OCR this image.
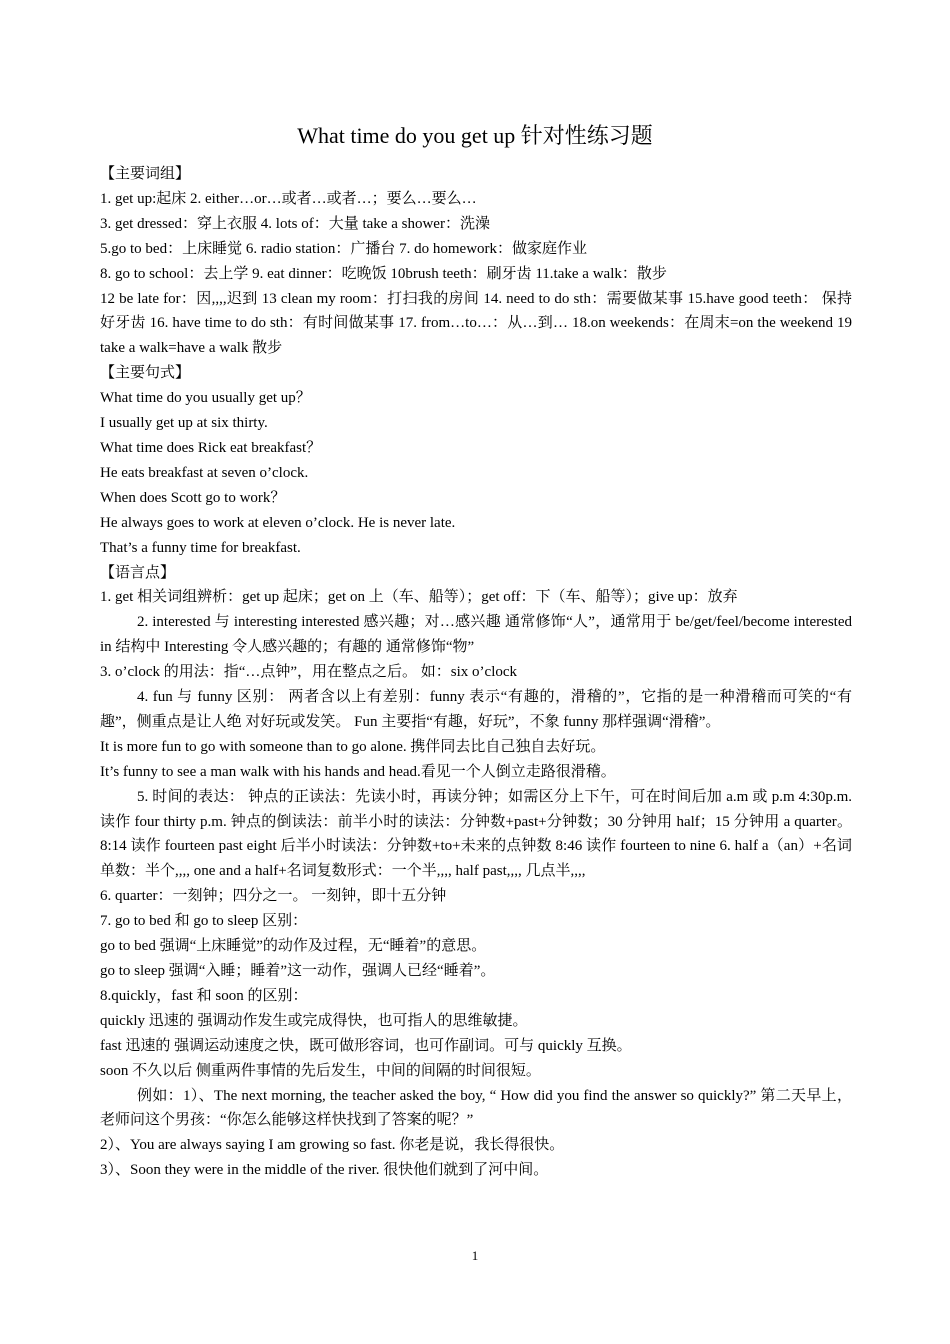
What time do you get up 针对性练习题

【主要词组】

1. get up:起床 2. either…or…或者…或者…；要么…要么…

3. get dressed：穿上衣服 4. lots of：大量 take a shower：洗澡

5.go to bed：上床睡觉 6. radio station：广播台 7. do homework：做家庭作业

8. go to school：去上学 9. eat dinner：吃晚饭 10brush teeth：刷牙齿 11.take a walk：散步

12 be late for：因,,,,迟到 13 clean my room：打扫我的房间 14. need to do sth：需要做某事 15.have good teeth： 保持好牙齿 16. have time to do sth：有时间做某事 17. from…to…：从…到… 18.on weekends：在周末=on the weekend 19 take a walk=have a walk 散步

【主要句式】

What time do you usually get up？

I usually get up at six thirty.

What time does Rick eat breakfast？

He eats breakfast at seven o’clock.

When does Scott go to work？

He always goes to work at eleven o’clock. He is never late.

That’s a funny time for breakfast.

【语言点】

1. get 相关词组辨析：get up 起床；get on 上（车、船等）；get off：下（车、船等）；give up：放弃

2. interested 与 interesting interested 感兴趣；对…感兴趣 通常修饰“人”，通常用于 be/get/feel/become interested in 结构中 Interesting 令人感兴趣的；有趣的 通常修饰“物”

3. o’clock 的用法：指“…点钟”，用在整点之后。 如：six o’clock

4. fun 与 funny 区别： 两者含以上有差别：funny 表示“有趣的，滑稽的”，它指的是一种滑稽而可笑的“有趣”，侧重点是让人绝 对好玩或发笑。 Fun 主要指“有趣，好玩”，不象 funny 那样强调“滑稽”。

It is more fun to go with someone than to go alone. 携伴同去比自己独自去好玩。

It’s funny to see a man walk with his hands and head.看见一个人倒立走路很滑稽。

5. 时间的表达： 钟点的正读法：先读小时，再读分钟；如需区分上下午，可在时间后加 a.m 或 p.m 4:30p.m. 读作 four thirty p.m. 钟点的倒读法：前半小时的读法：分钟数+past+分钟数；30 分钟用 half；15 分钟用 a quarter。 8:14 读作 fourteen past eight 后半小时读法：分钟数+to+未来的点钟数 8:46 读作 fourteen to nine 6. half a（an）+名词单数：半个,,,, one and a half+名词复数形式：一个半,,,, half past,,,, 几点半,,,,

6. quarter：一刻钟；四分之一。 一刻钟，即十五分钟

7. go to bed 和 go to sleep 区别：

go to bed 强调“上床睡觉”的动作及过程，无“睡着”的意思。

go to sleep 强调“入睡；睡着”这一动作，强调人已经“睡着”。

8.quickly，fast 和 soon 的区别：

quickly 迅速的 强调动作发生或完成得快，也可指人的思维敏捷。

fast 迅速的 强调运动速度之快，既可做形容词，也可作副词。可与 quickly 互换。

soon 不久以后 侧重两件事情的先后发生，中间的间隔的时间很短。

例如：1）、The next morning, the teacher asked the boy, “ How did you find the answer so quickly?” 第二天早上，老师问这个男孩：“你怎么能够这样快找到了答案的呢？”

2）、You are always saying I am growing so fast. 你老是说，我长得很快。

3）、Soon they were in the middle of the river. 很快他们就到了河中间。

1
